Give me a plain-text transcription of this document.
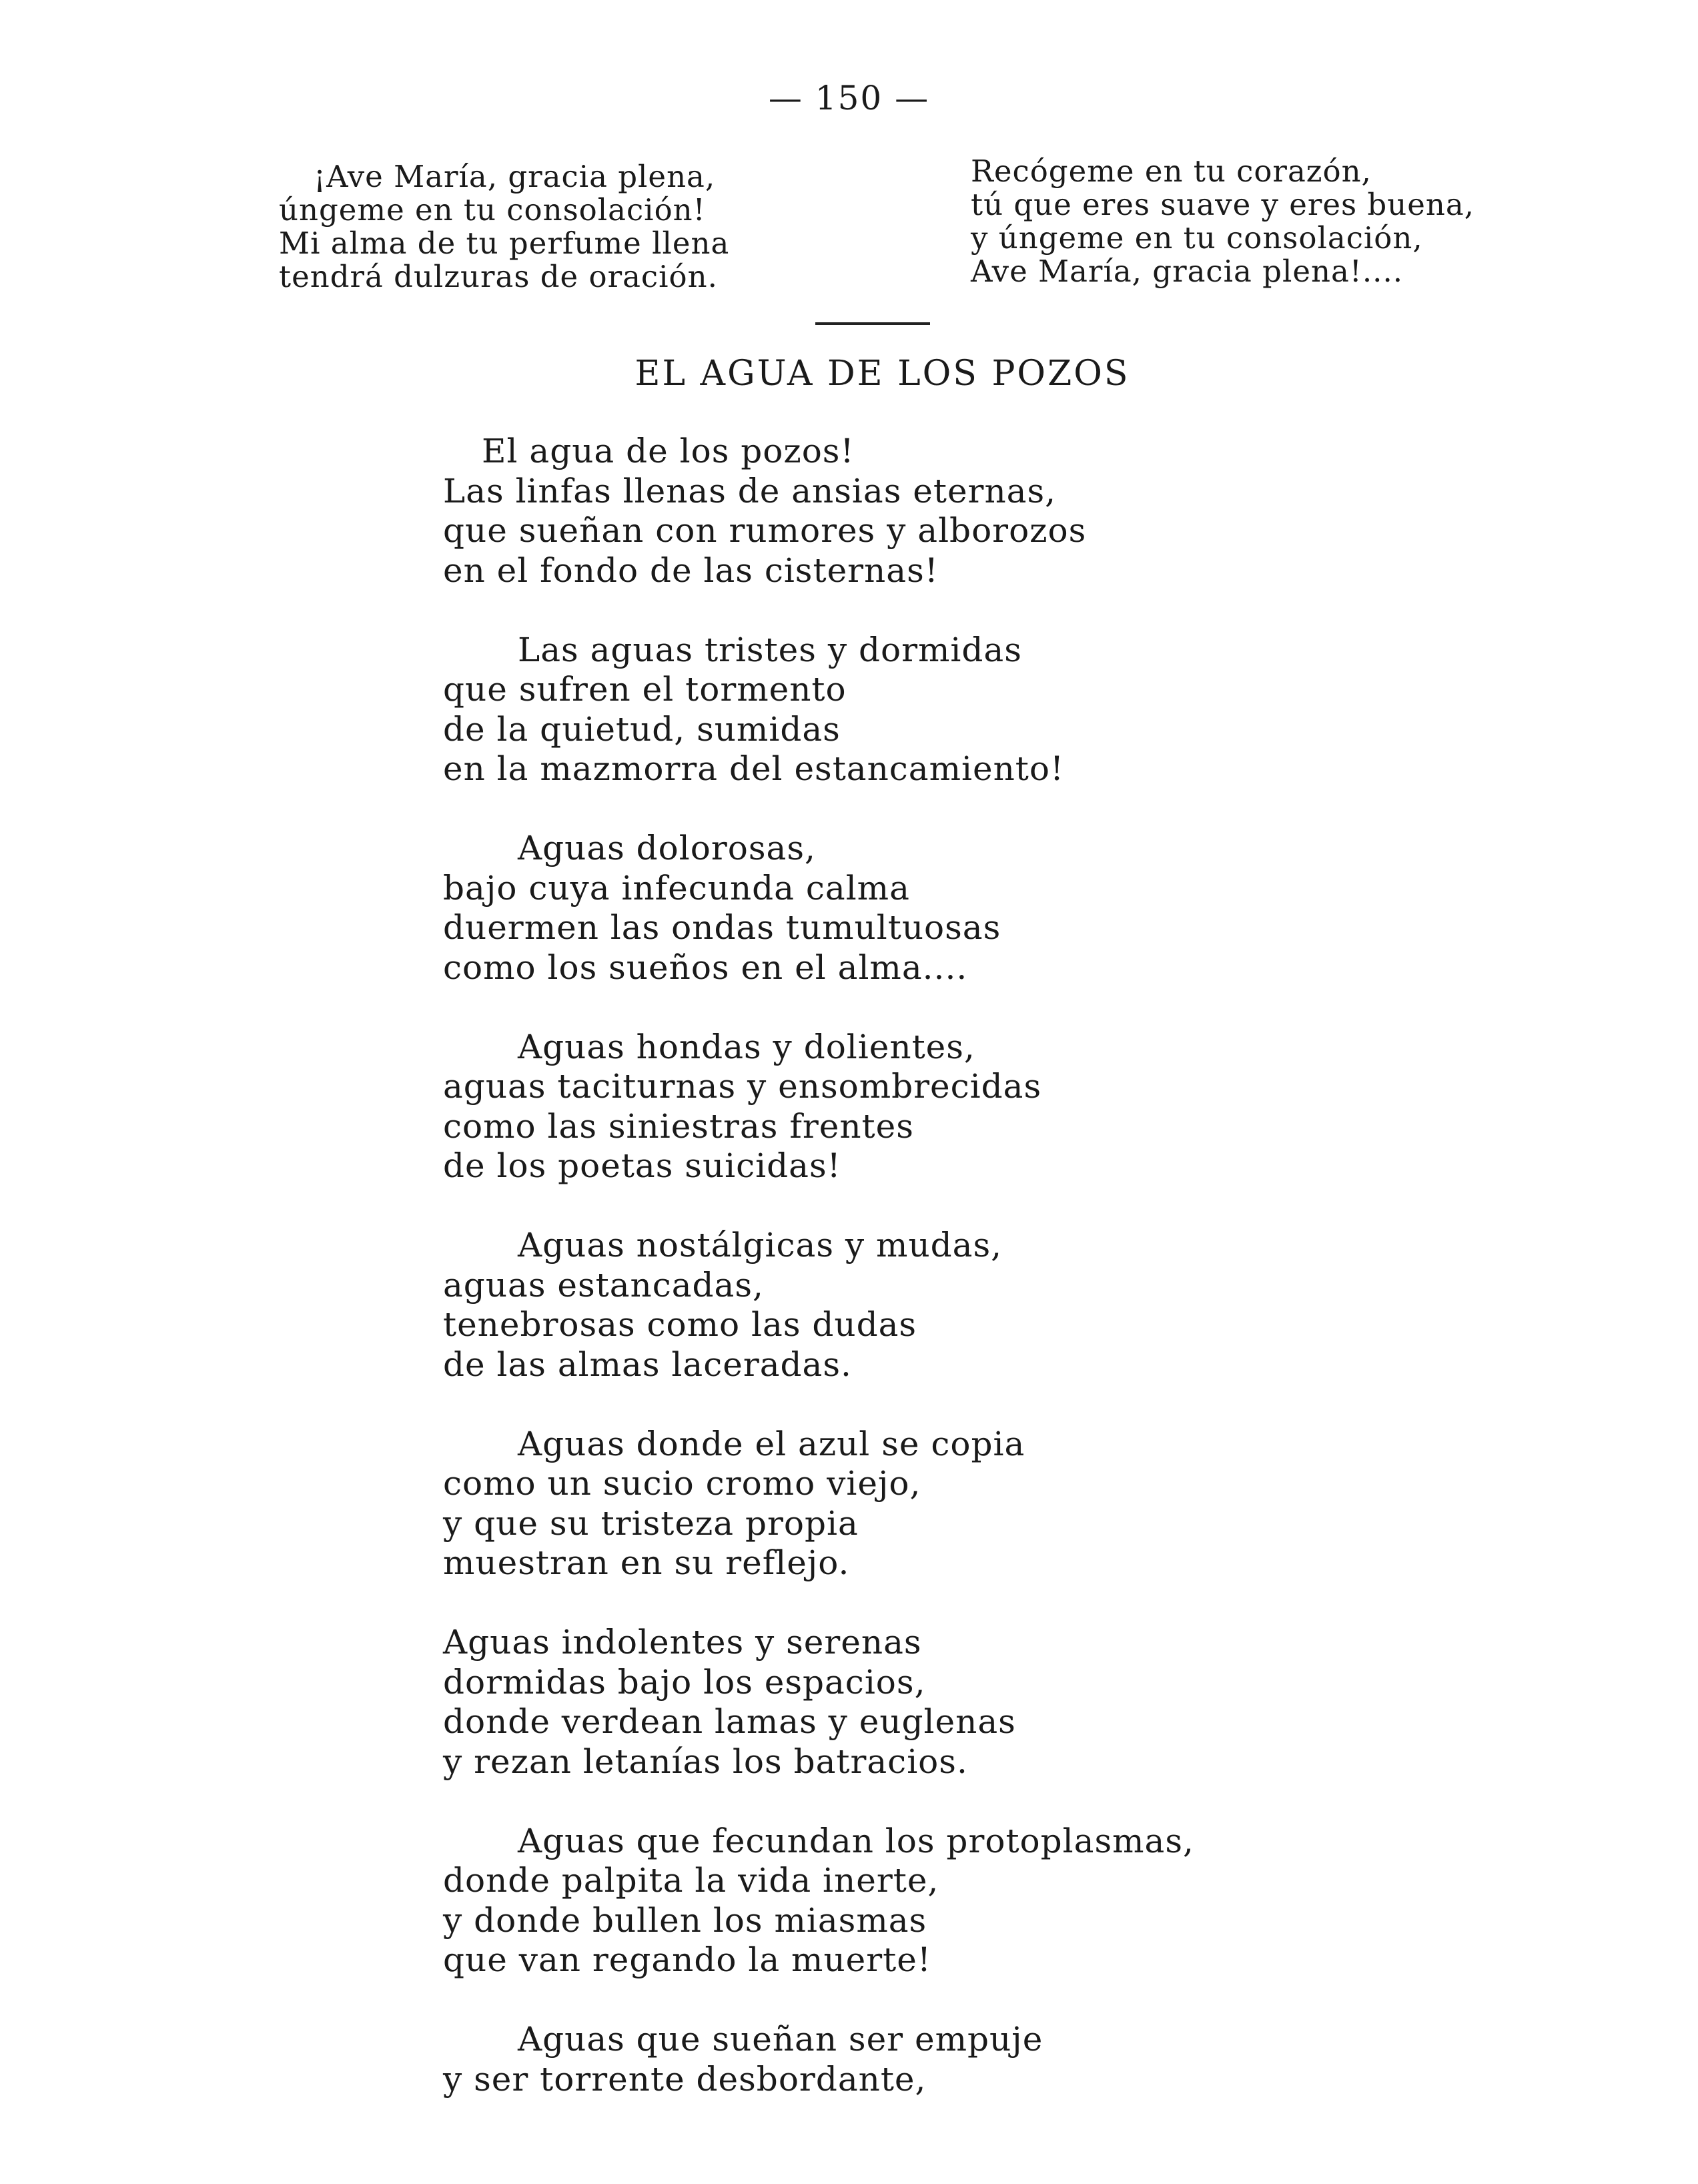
— 150 —
¡Ave María, gracia plena,
úngeme en tu consolación!
Mi alma de tu perfume llena
tendrá dulzuras de oración.
Recógeme en tu corazón,
tú que eres suave y eres buena,
y úngeme en tu consolación,
Ave María, gracia plena!....
EL AGUA DE LOS POZOS
El agua de los pozos!
Las linfas llenas de ansias eternas,
que sueñan con rumores y alborozos
en el fondo de las cisternas!
Las aguas tristes y dormidas
que sufren el tormento
de la quietud, sumidas
en la mazmorra del estancamiento!
Aguas dolorosas,
bajo cuya infecunda calma
duermen las ondas tumultuosas
como los sueños en el alma....
Aguas hondas y dolientes,
aguas taciturnas y ensombrecidas
como las siniestras frentes
de los poetas suicidas!
Aguas nostálgicas y mudas,
aguas estancadas,
tenebrosas como las dudas
de las almas laceradas.
Aguas donde el azul se copia
como un sucio cromo viejo,
y que su tristeza propia
muestran en su reflejo.
Aguas indolentes y serenas
dormidas bajo los espacios,
donde verdean lamas y euglenas
y rezan letanías los batracios.
Aguas que fecundan los protoplasmas,
donde palpita la vida inerte,
y donde bullen los miasmas
que van regando la muerte!
Aguas que sueñan ser empuje
y ser torrente desbordante,
